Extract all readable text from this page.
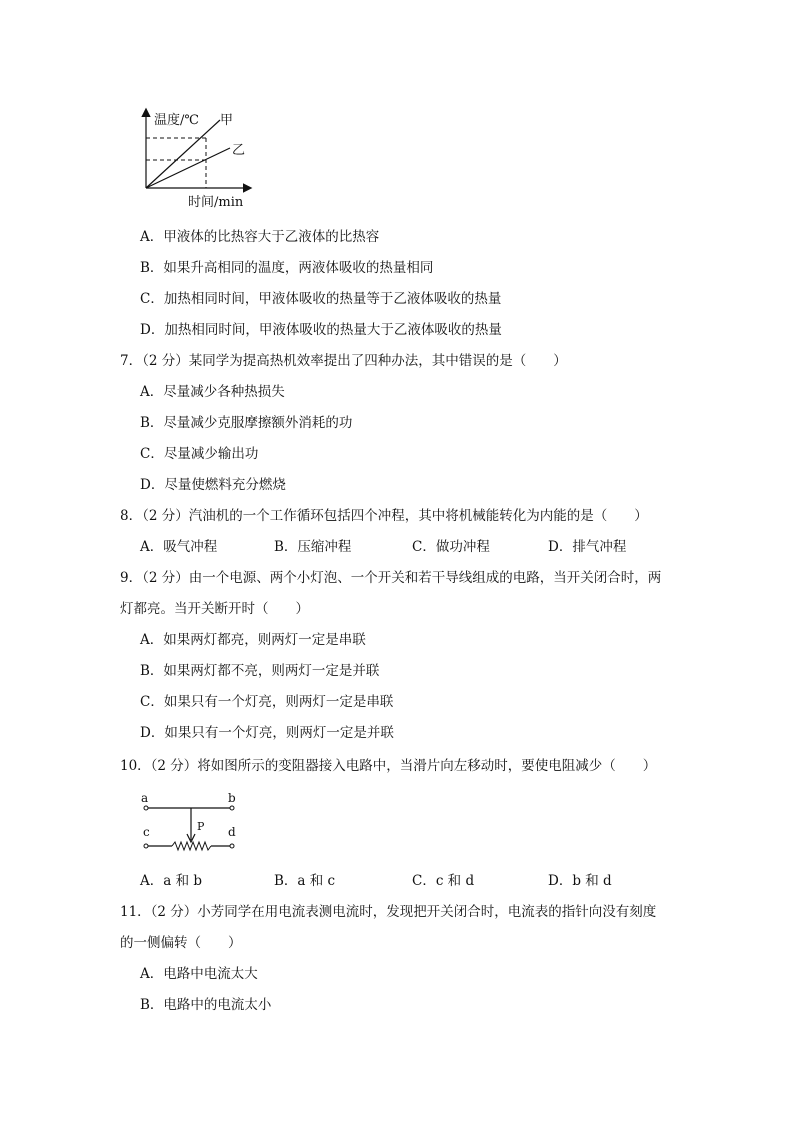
温度/℃ 甲
乙
时间/min
A．甲液体的比热容大于乙液体的比热容
B．如果升高相同的温度，两液体吸收的热量相同
C．加热相同时间，甲液体吸收的热量等于乙液体吸收的热量
D．加热相同时间，甲液体吸收的热量大于乙液体吸收的热量
7．（2 分）某同学为提高热机效率提出了四种办法，其中错误的是（　　）
A．尽量减少各种热损失
B．尽量减少克服摩擦额外消耗的功
C．尽量减少输出功
D．尽量使燃料充分燃烧
8．（2 分）汽油机的一个工作循环包括四个冲程，其中将机械能转化为内能的是（　　）
A．吸气冲程	B．压缩冲程	C．做功冲程	D．排气冲程
9．（2 分）由一个电源、两个小灯泡、一个开关和若干导线组成的电路，当开关闭合时，两
灯都亮。当开关断开时（　　）
A．如果两灯都亮，则两灯一定是串联
B．如果两灯都不亮，则两灯一定是并联
C．如果只有一个灯亮，则两灯一定是串联
D．如果只有一个灯亮，则两灯一定是并联
10．（2 分）将如图所示的变阻器接入电路中，当滑片向左移动时，要使电阻减少（　　）
a	b
c	d
P
A．a 和 b	B．a 和 c	C．c 和 d	D．b 和 d
11．（2 分）小芳同学在用电流表测电流时，发现把开关闭合时，电流表的指针向没有刻度
的一侧偏转（　　）
A．电路中电流太大
B．电路中的电流太小
